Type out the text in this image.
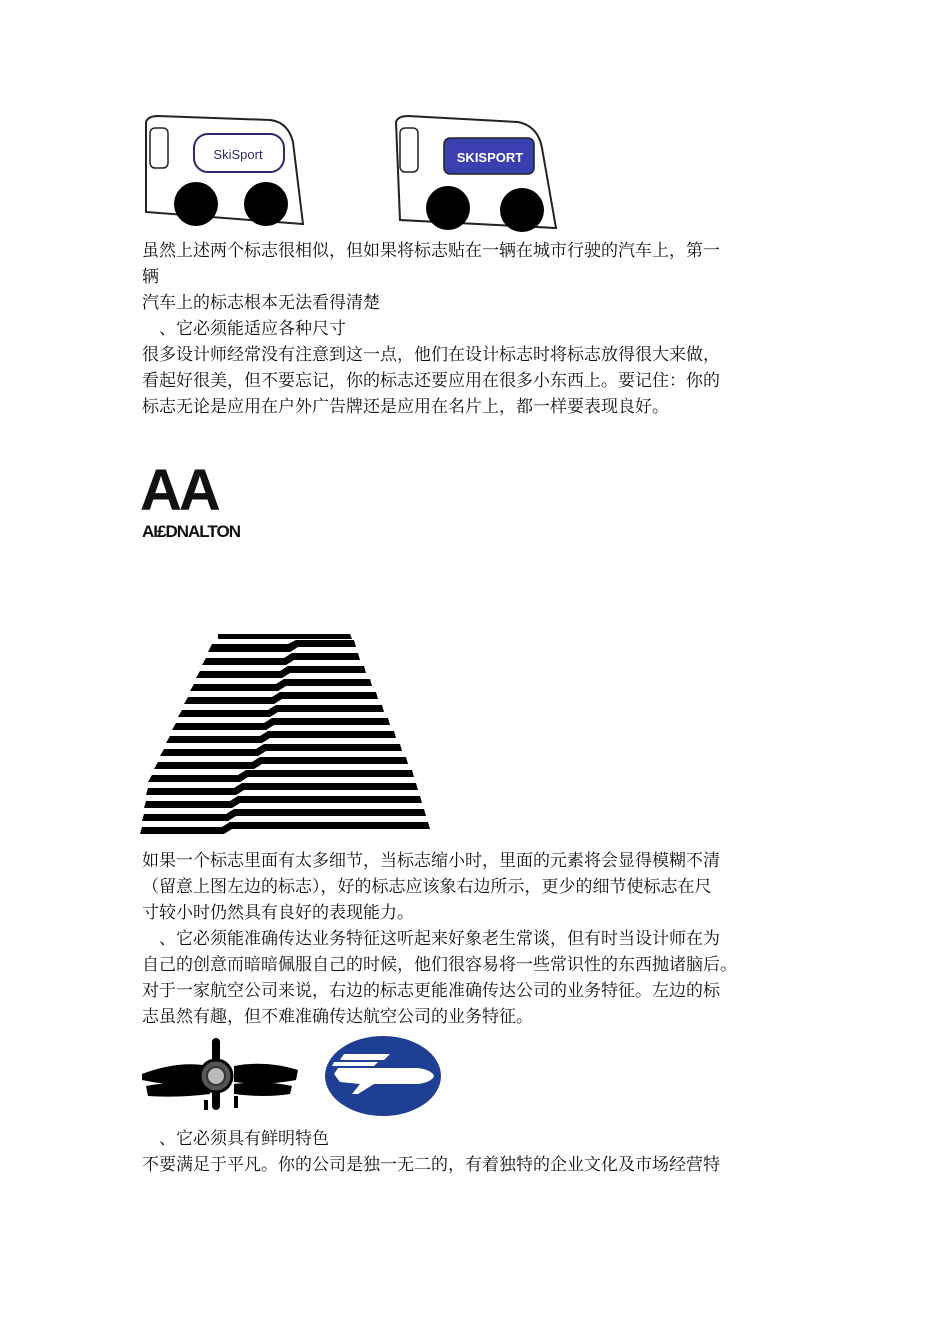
SkiSport	SKISPORT

虽然上述两个标志很相似，但如果将标志贴在一辆在城市行驶的汽车上，第一

辆

汽车上的标志根本无法看得清楚

　、它必须能适应各种尺寸

很多设计师经常没有注意到这一点，他们在设计标志时将标志放得很大来做，

看起好很美，但不要忘记，你的标志还要应用在很多小东西上。要记住：你的

标志无论是应用在户外广告牌还是应用在名片上，都一样要表现良好。

AA
AI£DNALTON

如果一个标志里面有太多细节，当标志缩小时，里面的元素将会显得模糊不清

（留意上图左边的标志），好的标志应该象右边所示，更少的细节使标志在尺

寸较小时仍然具有良好的表现能力。

　、它必须能准确传达业务特征这听起来好象老生常谈，但有时当设计师在为

自己的创意而暗暗佩服自己的时候，他们很容易将一些常识性的东西抛诸脑后。

对于一家航空公司来说，右边的标志更能准确传达公司的业务特征。左边的标

志虽然有趣，但不难准确传达航空公司的业务特征。

　、它必须具有鲜明特色

不要满足于平凡。你的公司是独一无二的，有着独特的企业文化及市场经营特
